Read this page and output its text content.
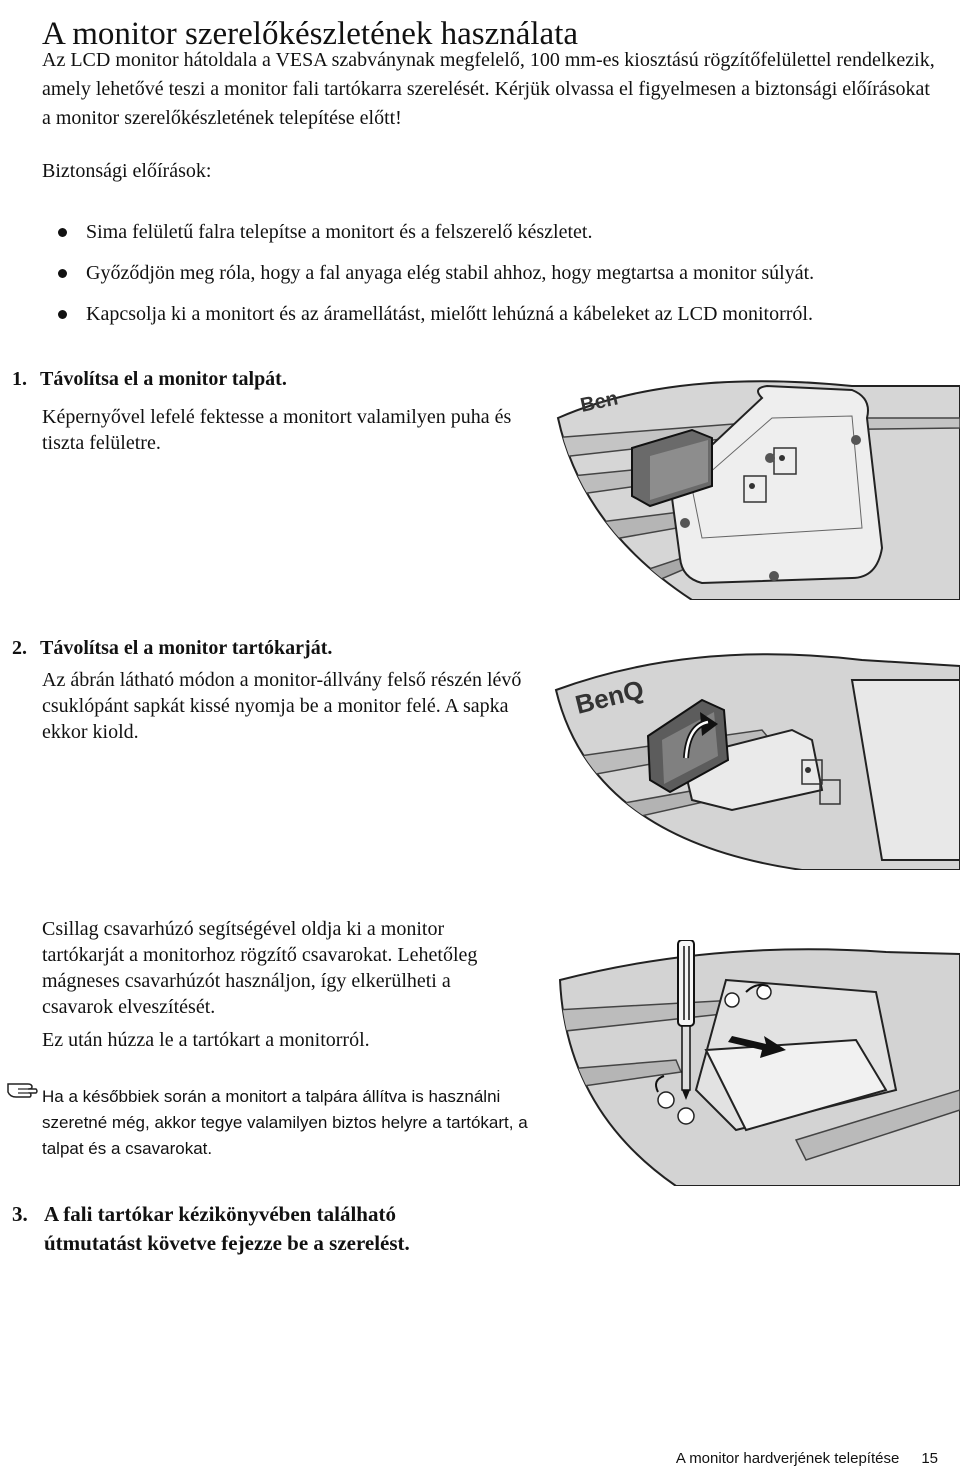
A monitor szerelőkészletének használata
Az LCD monitor hátoldala a VESA szabványnak megfelelő, 100 mm-es kiosztású rögzítőfelülettel rendelkezik, amely lehetővé teszi a monitor fali tartókarra szerelését. Kérjük olvassa el figyelmesen a biztonsági előírásokat a monitor szerelőkészletének telepítése előtt!
Biztonsági előírások:
Sima felületű falra telepítse a monitort és a felszerelő készletet.
Győződjön meg róla, hogy a fal anyaga elég stabil ahhoz, hogy megtartsa a monitor súlyát.
Kapcsolja ki a monitort és az áramellátást, mielőtt lehúzná a kábeleket az LCD monitorról.
1. Távolítsa el a monitor talpát.
Képernyővel lefelé fektesse a monitort valamilyen puha és tiszta felületre.
Ben
2. Távolítsa el a monitor tartókarját.
Az ábrán látható módon a monitor-állvány felső részén lévő csuklópánt sapkát kissé nyomja be a monitor felé. A sapka ekkor kiold.
BenQ
Csillag csavarhúzó segítségével oldja ki a monitor tartókarját a monitorhoz rögzítő csavarokat. Lehetőleg mágneses csavarhúzót használjon, így elkerülheti a csavarok elveszítését.
Ez után húzza le a tartókart a monitorról.
Ha a későbbiek során a monitort a talpára állítva is használni szeretné még, akkor tegye valamilyen biztos helyre a tartókart, a talpat és a csavarokat.
3. A fali tartókar kézikönyvében található
útmutatást követve fejezze be a szerelést.
A monitor hardverjének telepítése 15
